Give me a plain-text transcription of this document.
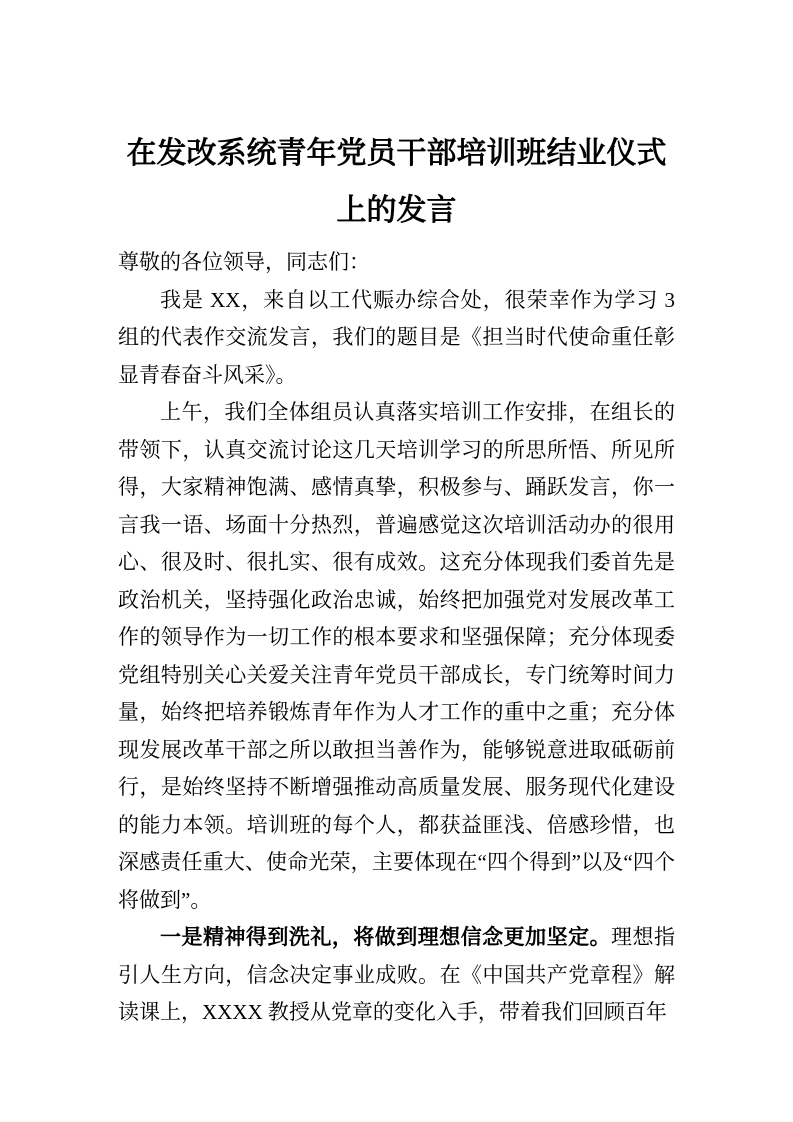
在发改系统青年党员干部培训班结业仪式
上的发言

尊敬的各位领导，同志们：

我是 XX，来自以工代赈办综合处，很荣幸作为学习 3 组的代表作交流发言，我们的题目是《担当时代使命重任彰显青春奋斗风采》。

上午，我们全体组员认真落实培训工作安排，在组长的带领下，认真交流讨论这几天培训学习的所思所悟、所见所得，大家精神饱满、感情真挚，积极参与、踊跃发言，你一言我一语、场面十分热烈，普遍感觉这次培训活动办的很用心、很及时、很扎实、很有成效。这充分体现我们委首先是政治机关，坚持强化政治忠诚，始终把加强党对发展改革工作的领导作为一切工作的根本要求和坚强保障；充分体现委党组特别关心关爱关注青年党员干部成长，专门统筹时间力量，始终把培养锻炼青年作为人才工作的重中之重；充分体现发展改革干部之所以敢担当善作为，能够锐意进取砥砺前行，是始终坚持不断增强推动高质量发展、服务现代化建设的能力本领。培训班的每个人，都获益匪浅、倍感珍惜，也深感责任重大、使命光荣，主要体现在“四个得到”以及“四个将做到”。

一是精神得到洗礼，将做到理想信念更加坚定。理想指引人生方向，信念决定事业成败。在《中国共产党章程》解读课上，XXXX 教授从党章的变化入手，带着我们回顾百年
